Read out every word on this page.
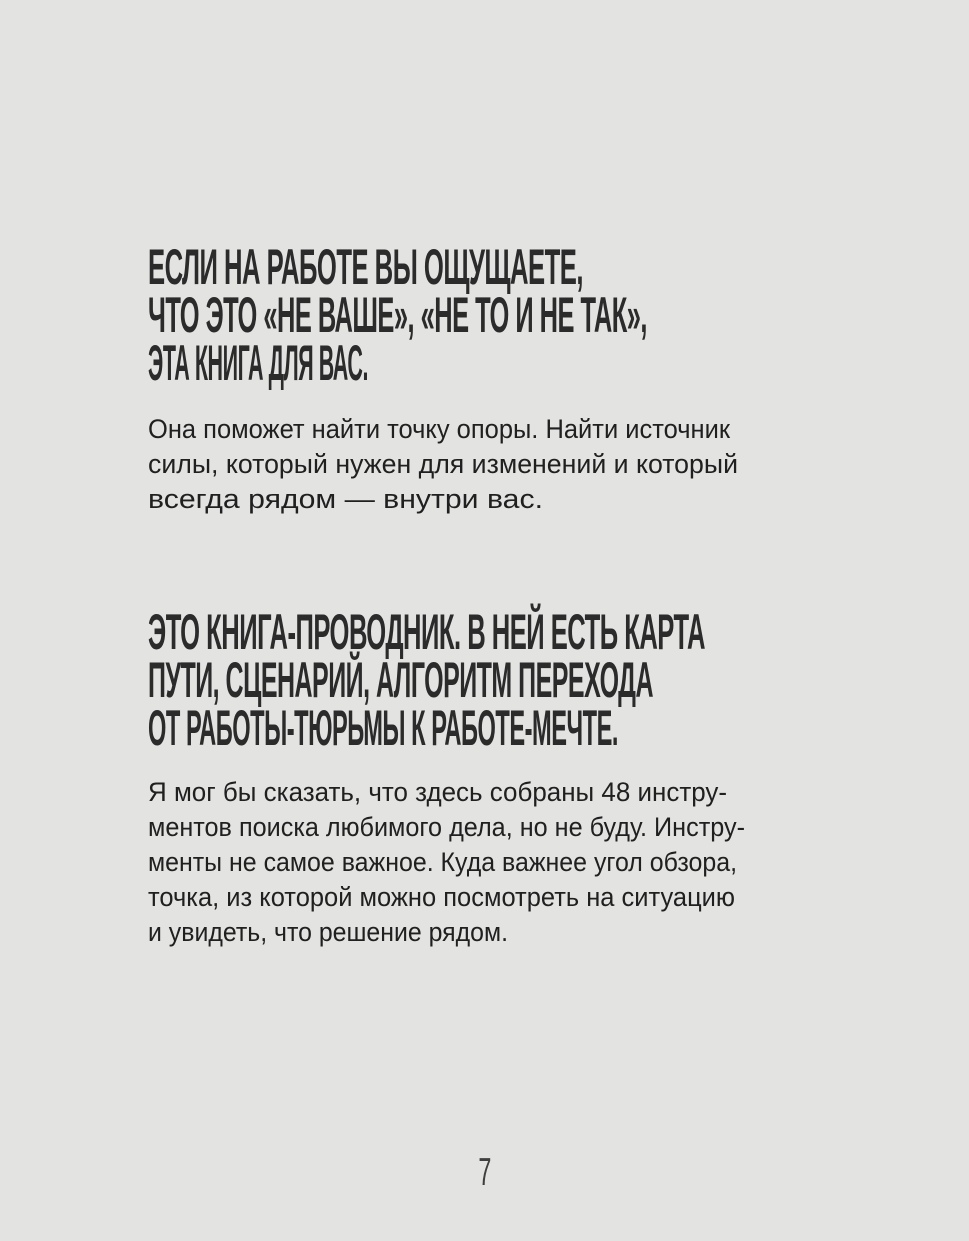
ЕСЛИ НА РАБОТЕ ВЫ ОЩУЩАЕТЕ,
ЧТО ЭТО «НЕ ВАШЕ», «НЕ ТО И НЕ ТАК»,
ЭТА КНИГА ДЛЯ ВАС.
Она поможет найти точку опоры. Найти источник
силы, который нужен для изменений и который
всегда рядом — внутри вас.
ЭТО КНИГА-ПРОВОДНИК. В НЕЙ ЕСТЬ КАРТА
ПУТИ, СЦЕНАРИЙ, АЛГОРИТМ ПЕРЕХОДА
ОТ РАБОТЫ-ТЮРЬМЫ К РАБОТЕ-МЕЧТЕ.
Я мог бы сказать, что здесь собраны 48 инстру-
ментов поиска любимого дела, но не буду. Инстру-
менты не самое важное. Куда важнее угол обзора,
точка, из которой можно посмотреть на ситуацию
и увидеть, что решение рядом.
7
